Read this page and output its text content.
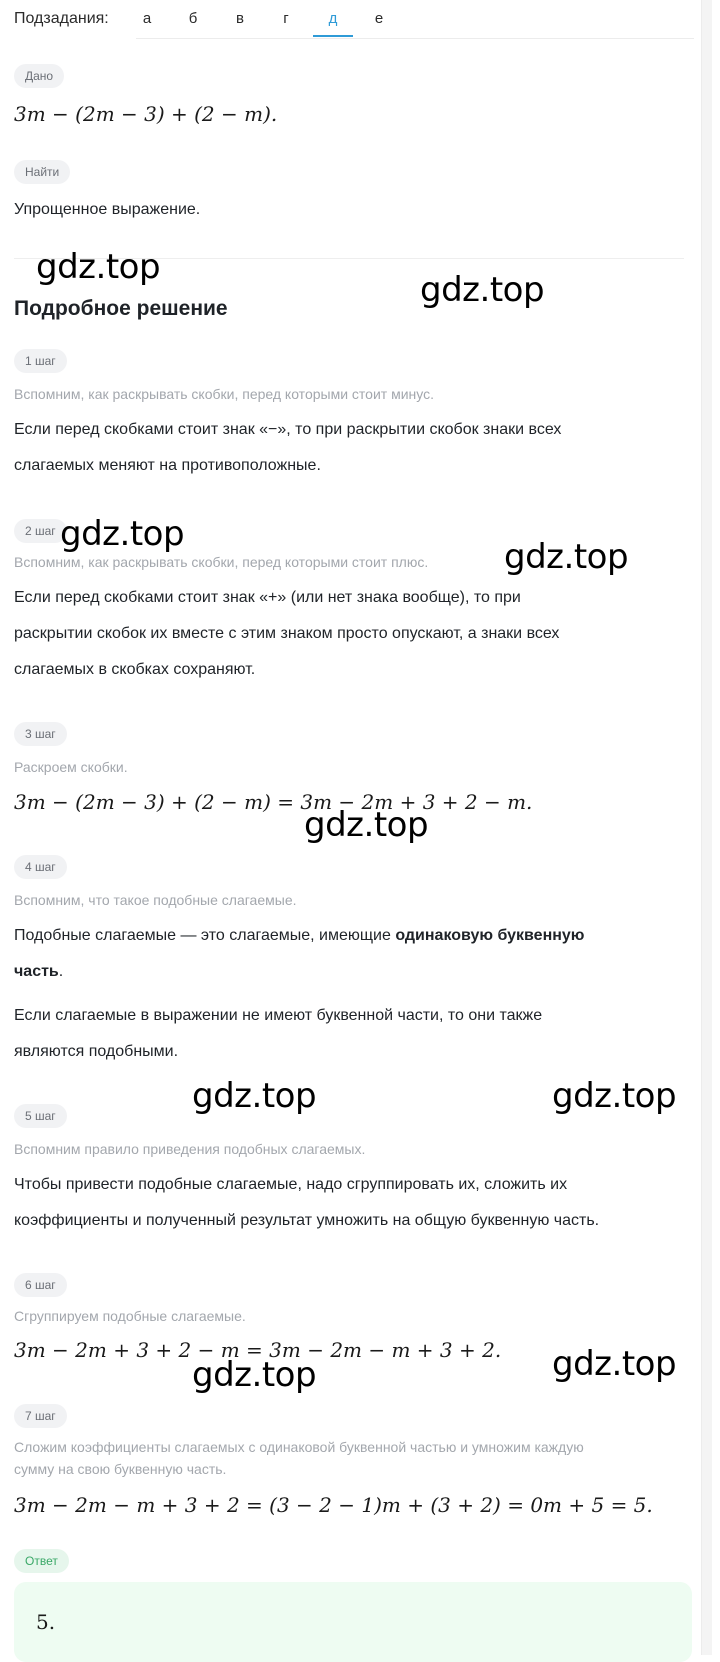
Подзадания:	а	б	в	г	д	е
Дано
3m − (2m − 3) + (2 − m).
Найти
Упрощенное выражение.
Подробное решение
1 шаг
Вспомним, как раскрывать скобки, перед которыми стоит минус.
Если перед скобками стоит знак «−», то при раскрытии скобок знаки всех
слагаемых меняют на противоположные.
2 шаг
Вспомним, как раскрывать скобки, перед которыми стоит плюс.
Если перед скобками стоит знак «+» (или нет знака вообще), то при
раскрытии скобок их вместе с этим знаком просто опускают, а знаки всех
слагаемых в скобках сохраняют.
3 шаг
Раскроем скобки.
3m − (2m − 3) + (2 − m) = 3m − 2m + 3 + 2 − m.
4 шаг
Вспомним, что такое подобные слагаемые.
Подобные слагаемые — это слагаемые, имеющие одинаковую буквенную
часть.
Если слагаемые в выражении не имеют буквенной части, то они также
являются подобными.
5 шаг
Вспомним правило приведения подобных слагаемых.
Чтобы привести подобные слагаемые, надо сгруппировать их, сложить их
коэффициенты и полученный результат умножить на общую буквенную часть.
6 шаг
Сгруппируем подобные слагаемые.
3m − 2m + 3 + 2 − m = 3m − 2m − m + 3 + 2.
7 шаг
Сложим коэффициенты слагаемых с одинаковой буквенной частью и умножим каждую
сумму на свою буквенную часть.
3m − 2m − m + 3 + 2 = (3 − 2 − 1)m + (3 + 2) = 0m + 5 = 5.
Ответ
5.
gdz.top
gdz.top
gdz.top
gdz.top
gdz.top
gdz.top	gdz.top
gdz.top
gdz.top
